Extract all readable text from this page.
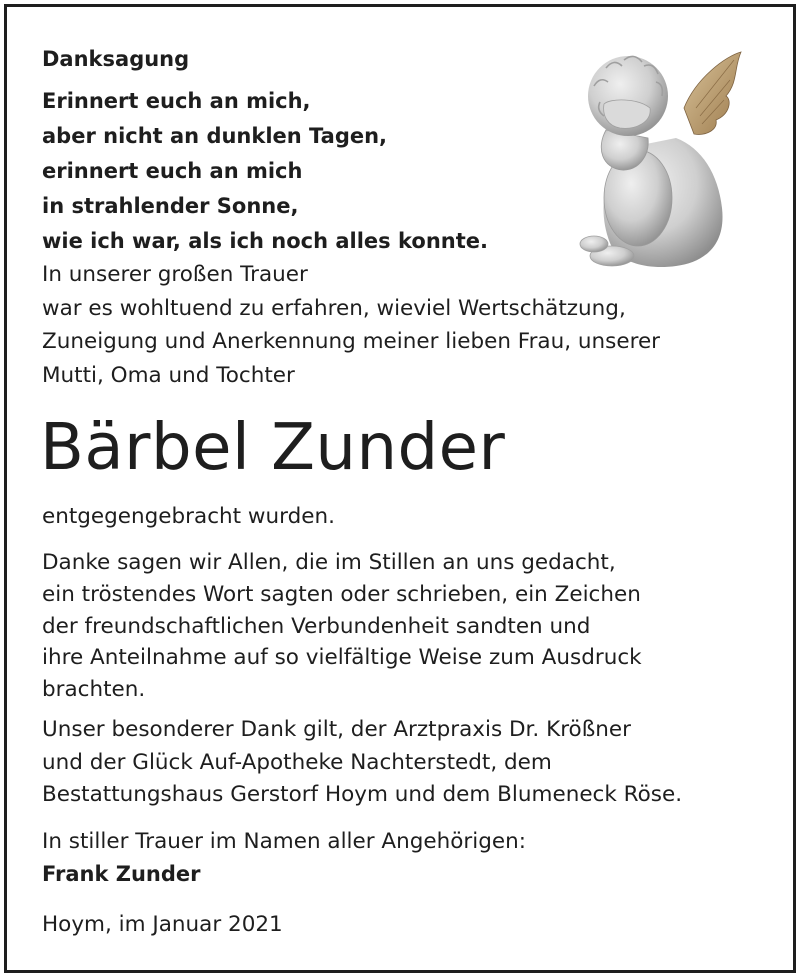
Danksagung
Erinnert euch an mich,
aber nicht an dunklen Tagen,
erinnert euch an mich
in strahlender Sonne,
wie ich war, als ich noch alles konnte.
In unserer großen Trauer
war es wohltuend zu erfahren, wieviel Wertschätzung,
Zuneigung und Anerkennung meiner lieben Frau, unserer
Mutti, Oma und Tochter
Bärbel Zunder
entgegengebracht wurden.
Danke sagen wir Allen, die im Stillen an uns gedacht,
ein tröstendes Wort sagten oder schrieben, ein Zeichen
der freundschaftlichen Verbundenheit sandten und
ihre Anteilnahme auf so vielfältige Weise zum Ausdruck
brachten.
Unser besonderer Dank gilt, der Arztpraxis Dr. Krößner
und der Glück Auf-Apotheke Nachterstedt, dem
Bestattungshaus Gerstorf Hoym und dem Blumeneck Röse.
In stiller Trauer im Namen aller Angehörigen:
Frank Zunder
Hoym, im Januar 2021
